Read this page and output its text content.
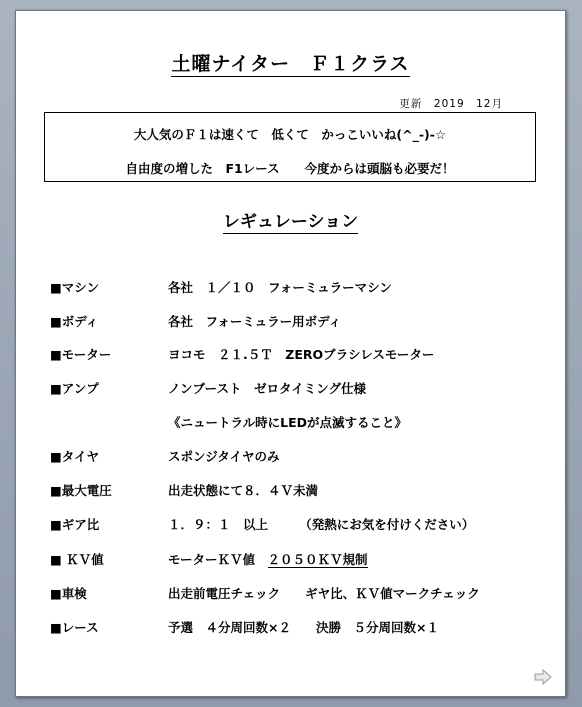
土曜ナイター　Ｆ１クラス
更新　2019　12月
大人気のＦ１は速くて　低くて　かっこいいね(^_-)-☆
自由度の増した　F1レース　　今度からは頭脳も必要だ！
レギュレーション
■マシン	各社　１／１０　フォーミュラーマシン
■ボディ	各社　フォーミュラー用ボディ
■モーター	ヨコモ　２１.５Ｔ　ZEROブラシレスモーター
■アンプ	ノンブースト　ゼロタイミング仕様
《ニュートラル時にLEDが点滅すること》
■タイヤ	スポンジタイヤのみ
■最大電圧	出走状態にて８．４Ｖ未満
■ギア比	１．９：１　以上　　　（発熱にお気を付けください）
■ ＫＶ値	モーターＫＶ値　２０５０ＫＶ規制
■車検	出走前電圧チェック　　ギヤ比、ＫＶ値マークチェック
■レース	予選　４分周回数×２　　決勝　５分周回数×１
